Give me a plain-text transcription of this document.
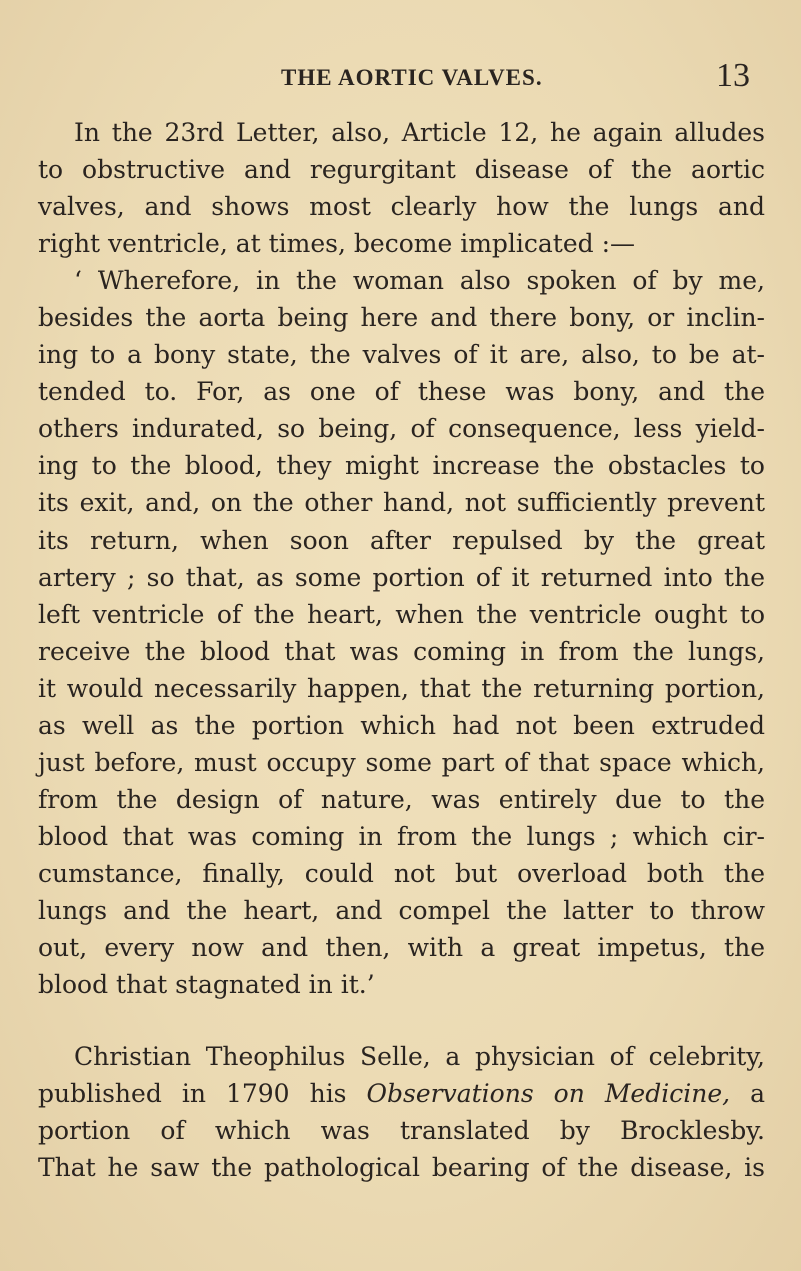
THE AORTIC VALVES.	13
In the 23rd Letter, also, Article 12, he again alludes
to obstructive and regurgitant disease of the aortic
valves, and shows most clearly how the lungs and
right ventricle, at times, become implicated :—
‘ Wherefore, in the woman also spoken of by me,
besides the aorta being here and there bony, or inclin-
ing to a bony state, the valves of it are, also, to be at-
tended to. For, as one of these was bony, and the
others indurated, so being, of consequence, less yield-
ing to the blood, they might increase the obstacles to
its exit, and, on the other hand, not sufficiently prevent
its return, when soon after repulsed by the great
artery ; so that, as some portion of it returned into the
left ventricle of the heart, when the ventricle ought to
receive the blood that was coming in from the lungs,
it would necessarily happen, that the returning portion,
as well as the portion which had not been extruded
just before, must occupy some part of that space which,
from the design of nature, was entirely due to the
blood that was coming in from the lungs ; which cir-
cumstance, finally, could not but overload both the
lungs and the heart, and compel the latter to throw
out, every now and then, with a great impetus, the
blood that stagnated in it.’
Christian Theophilus Selle, a physician of celebrity,
published in 1790 his Observations on Medicine, a
portion of which was translated by Brocklesby.
That he saw the pathological bearing of the disease, is
